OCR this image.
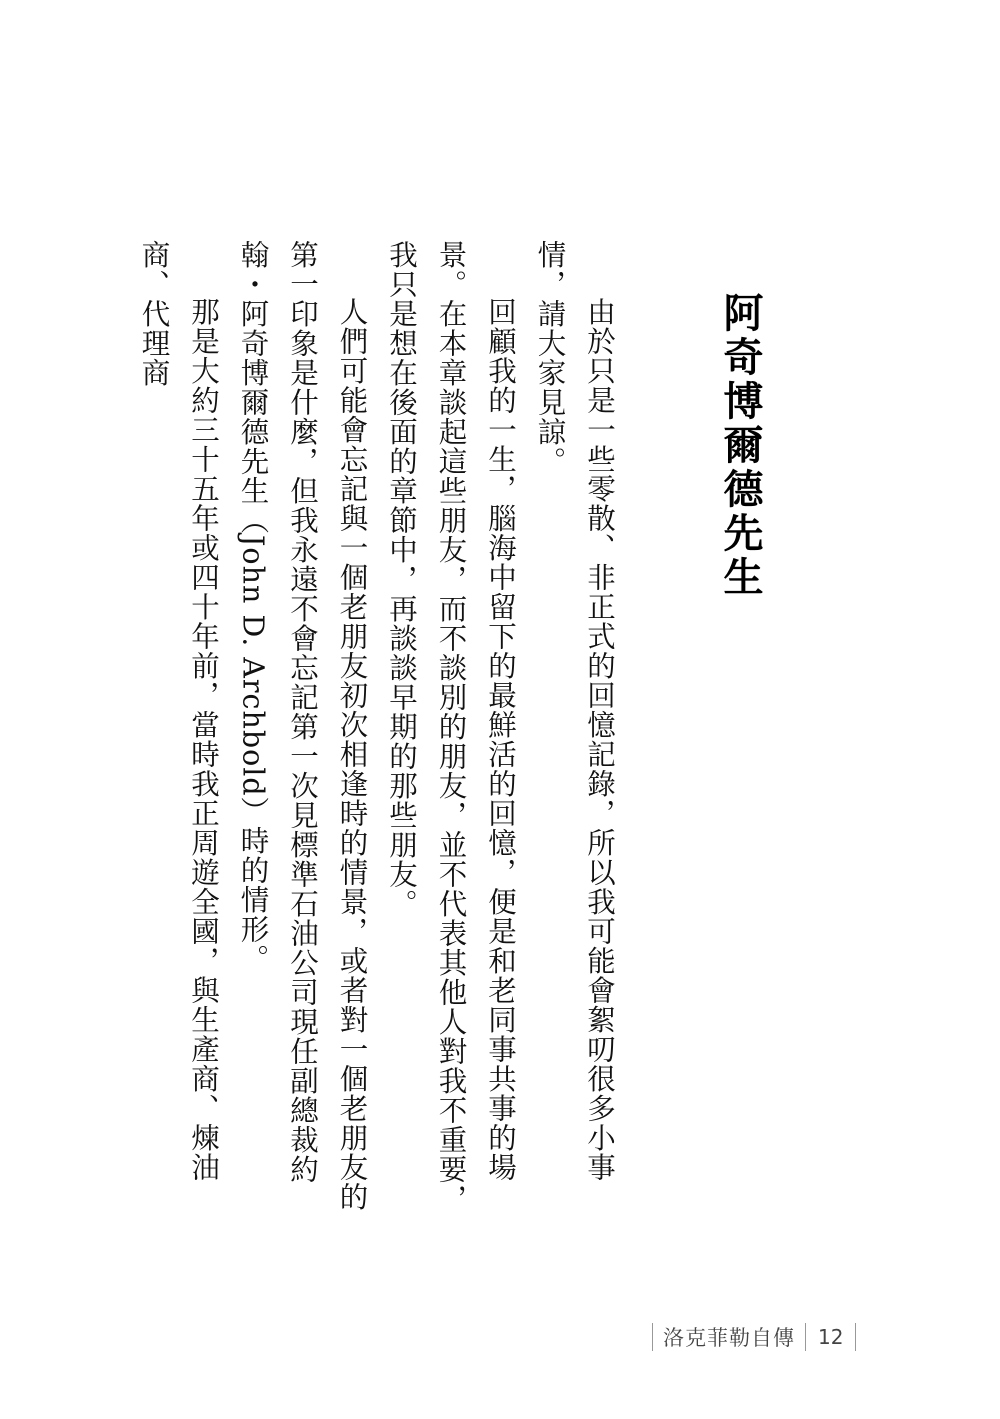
阿奇博爾德先生

由於只是一些零散、非正式的回憶記錄，所以我可能會絮叨很多小事情，請大家見諒。

回顧我的一生，腦海中留下的最鮮活的回憶，便是和老同事共事的場景。在本章談起這些朋友，而不談別的朋友，並不代表其他人對我不重要，我只是想在後面的章節中，再談談早期的那些朋友。

人們可能會忘記與一個老朋友初次相逢時的情景，或者對一個老朋友的第一印象是什麼，但我永遠不會忘記第一次見標準石油公司現任副總裁約翰・阿奇博爾德先生（John D. Archbold）時的情形。

那是大約三十五年或四十年前，當時我正周遊全國，與生產商、煉油商、代理商

洛克菲勒自傳	12
